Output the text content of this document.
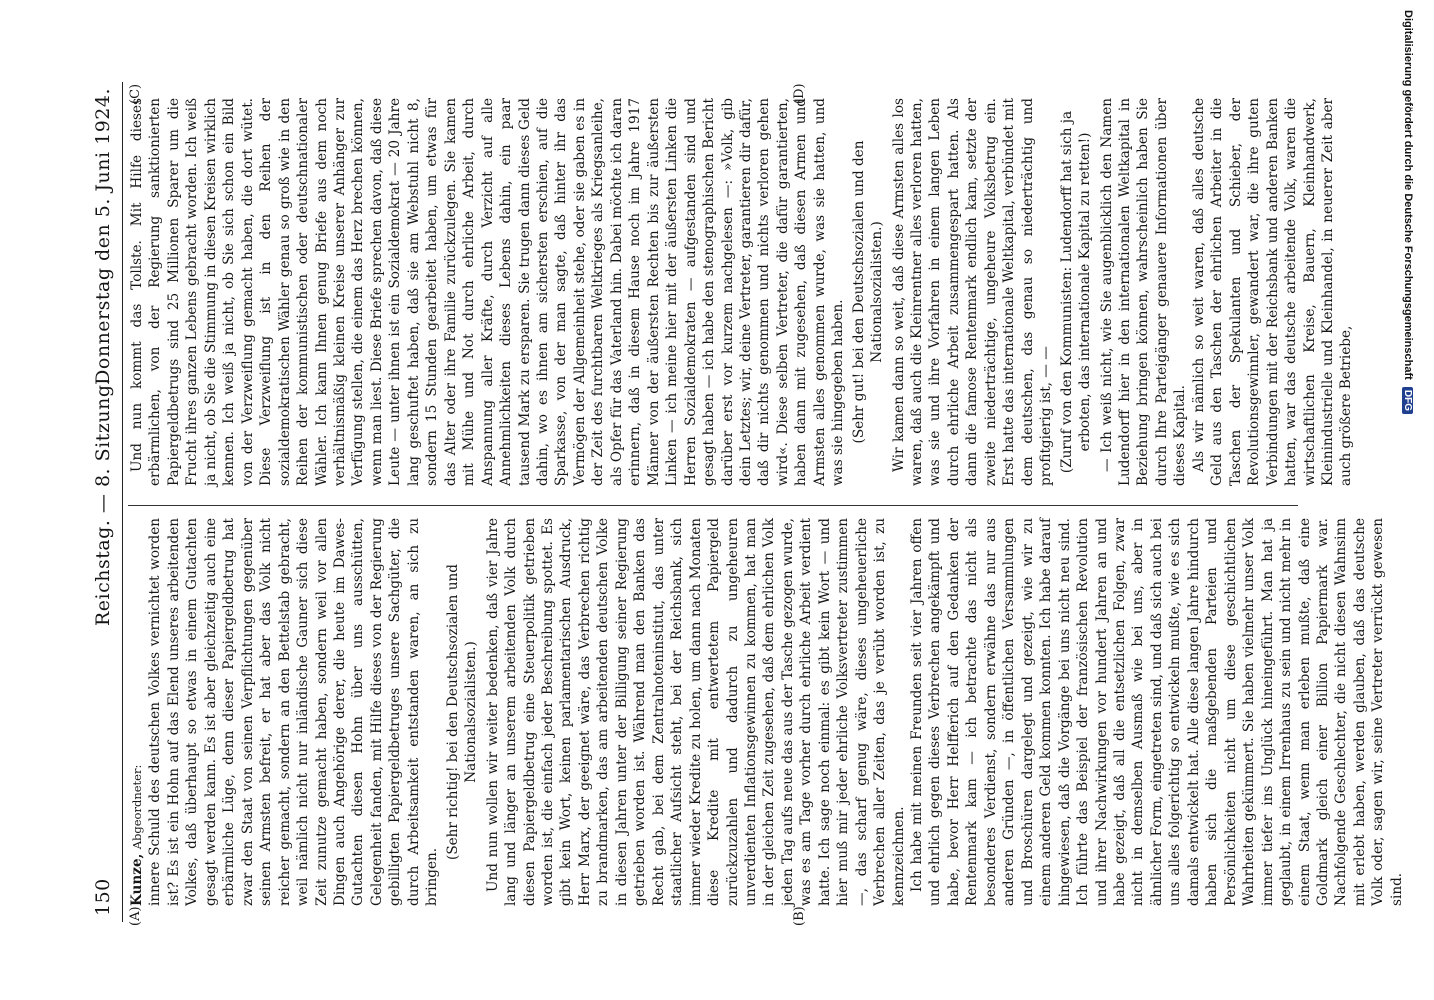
150
Reichstag. — 8. Sitzung.
Donnerstag den 5. Juni 1924.
(A)	(B)
(C)	(D)

Kunze, Abgeordneter: innere Schuld des deutschen Volkes vernichtet worden ist? Es ist ein Hohn auf das Elend unseres arbeitenden Volkes, daß überhaupt so etwas in einem Gutachten gesagt werden kann. Es ist aber gleichzeitig auch eine erbärmliche Lüge, denn dieser Papiergeldbetrug hat zwar den Staat von seinen Verpflichtungen gegenüber seinen Armsten befreit, er hat aber das Volk nicht reicher gemacht, sondern an den Bettelstab gebracht, weil nämlich nicht nur inländische Gauner sich diese Zeit zunutze gemacht haben, sondern weil vor allen Dingen auch Angehörige derer, die heute im Dawes-Gutachten diesen Hohn über uns ausschütten, Gelegenheit fanden, mit Hilfe dieses von der Regierung gebilligten Papiergeldbetruges unsere Sachgüter, die durch Arbeitsamkeit entstanden waren, an sich zu bringen.

(Sehr richtig! bei den Deutschsozialen und Nationalsozialisten.) Und nun wollen wir weiter bedenken, daß vier Jahre lang und länger an unserem arbeitenden Volk durch diesen Papiergeldbetrug eine Steuerpolitik getrieben worden ist, die einfach jeder Beschreibung spottet. Es gibt kein Wort, keinen parlamentarischen Ausdruck, Herr Marx, der geeignet wäre, das Verbrechen richtig zu brandmarken, das am arbeitenden deutschen Volke in diesen Jahren unter der Billigung seiner Regierung getrieben worden ist. Während man den Banken das Recht gab, bei dem Zentralnoteninstitut, das unter staatlicher Aufsicht steht, bei der Reichsbank, sich immer wieder Kredite zu holen, um dann nach Monaten diese Kredite mit entwertetem Papiergeld zurückzuzahlen und dadurch zu ungeheuren unverdienten Inflationsgewinnen zu kommen, hat man in der gleichen Zeit zugesehen, daß dem ehrlichen Volk jeden Tag aufs neue das aus der Tasche gezogen wurde, was es am Tage vorher durch ehrliche Arbeit verdient hatte. Ich sage noch einmal: es gibt kein Wort — und hier muß mir jeder ehrliche Volksvertreter zustimmen —, das scharf genug wäre, dieses ungeheuerliche Verbrechen aller Zeiten, das je verübt worden ist, zu kennzeichnen. Ich habe mit meinen Freunden seit vier Jahren offen und ehrlich gegen dieses Verbrechen angekämpft und habe, bevor Herr Helfferich auf den Gedanken der Rentenmark kam — ich betrachte das nicht als besonderes Verdienst, sondern erwähne das nur aus anderen Gründen —, in öffentlichen Versammlungen und Broschüren dargelegt und gezeigt, wie wir zu einem anderen Geld kommen konnten. Ich habe darauf hingewiesen, daß die Vorgänge bei uns nicht neu sind. Ich führte das Beispiel der französischen Revolution und ihrer Nachwirkungen vor hundert Jahren an und habe gezeigt, daß all die entsetzlichen Folgen, zwar nicht in demselben Ausmaß wie bei uns, aber in ähnlicher Form, eingetreten sind, und daß sich auch bei uns alles folgerichtig so entwickeln mußte, wie es sich damals entwickelt hat. Alle diese langen Jahre hindurch haben sich die maßgebenden Parteien und Persönlichkeiten nicht um diese geschichtlichen Wahrheiten gekümmert. Sie haben vielmehr unser Volk immer tiefer ins Unglück hineingeführt. Man hat ja geglaubt, in einem Irrenhaus zu sein und nicht mehr in einem Staat, wenn man erleben mußte, daß eine Goldmark gleich einer Billion Papiermark war. Nachfolgende Geschlechter, die nicht diesen Wahnsinn mit erlebt haben, werden glauben, daß das deutsche Volk oder, sagen wir, seine Vertreter verrückt gewesen sind.

Und nun kommt das Tollste. Mit Hilfe dieses erbärmlichen, von der Regierung sanktionierten Papiergeldbetrugs sind 25 Millionen Sparer um die Frucht ihres ganzen Lebens gebracht worden. Ich weiß ja nicht, ob Sie die Stimmung in diesen Kreisen wirklich kennen. Ich weiß ja nicht, ob Sie sich schon ein Bild von der Verzweiflung gemacht haben, die dort wütet. Diese Verzweiflung ist in den Reihen der sozialdemokratischen Wähler genau so groß wie in den Reihen der kommunistischen oder deutschnationaler Wähler. Ich kann Ihnen genug Briefe aus dem noch verhältnismäßig kleinen Kreise unserer Anhänger zur Verfügung stellen, die einem das Herz brechen können, wenn man liest. Diese Briefe sprechen davon, daß diese Leute — unter ihnen ist ein Sozialdemokrat — 20 Jahre lang geschuftet haben, daß sie am Webstuhl nicht 8, sondern 15 Stunden gearbeitet haben, um etwas für das Alter oder ihre Familie zurückzulegen. Sie kamen mit Mühe und Not durch ehrliche Arbeit, durch Anspannung aller Kräfte, durch Verzicht auf alle Annehmlichkeiten dieses Lebens dahin, ein paar tausend Mark zu ersparen. Sie trugen dann dieses Geld dahin, wo es ihnen am sichersten erschien, auf die Sparkasse, von der man sagte, daß hinter ihr das Vermögen der Allgemeinheit stehe, oder sie gaben es in der Zeit des furchtbaren Weltkrieges als Kriegsanleihe, als Opfer für das Vaterland hin. Dabei möchte ich daran erinnern, daß in diesem Hause noch im Jahre 1917 Männer von der äußersten Rechten bis zur äußersten Linken — ich meine hier mit der äußersten Linken die Herren Sozialdemokraten — aufgestanden sind und gesagt haben — ich habe den stenographischen Bericht darüber erst vor kurzem nachgelesen —: »Volk, gib dein Letztes; wir, deine Vertreter, garantieren dir dafür, daß dir nichts genommen und nichts verloren gehen wird«. Diese selben Vertreter, die dafür garantierten, haben dann mit zugesehen, daß diesen Armen und Armsten alles genommen wurde, was sie hatten, und was sie hingegeben haben. (Sehr gut! bei den Deutschsozialen und den Nationalsozialisten.) Wir kamen dann so weit, daß diese Armsten alles los waren, daß auch die Kleinrentner alles verloren hatten, was sie und ihre Vorfahren in einem langen Leben durch ehrliche Arbeit zusammengespart hatten. Als dann die famose Rentenmark endlich kam, setzte der zweite niederträchtige, ungeheure Volksbetrug ein. Erst hatte das internationale Weltkapital, verbündet mit dem deutschen, das genau so niederträchtig und profitgierig ist, — — (Zuruf von den Kommunisten: Ludendorff hat sich ja erboten, das internationale Kapital zu retten!) — Ich weiß nicht, wie Sie augenblicklich den Namen Ludendorff hier in den internationalen Weltkapital in Beziehung bringen können, wahrscheinlich haben Sie durch Ihre Parteigänger genauere Informationen über dieses Kapital. Als wir nämlich so weit waren, daß alles deutsche Geld aus den Taschen der ehrlichen Arbeiter in die Taschen der Spekulanten und Schieber, der Revolutionsgewinnler, gewandert war, die ihre guten Verbindungen mit der Reichsbank und anderen Banken hatten, war das deutsche arbeitende Volk, waren die wirtschaftlichen Kreise, Bauern, Kleinhandwerk, Kleinindustrielle und Kleinhandel, in neuerer Zeit aber auch größere Betriebe,

Digitalisierung gefördert durch die Deutsche Forschungsgemeinschaft DFG
